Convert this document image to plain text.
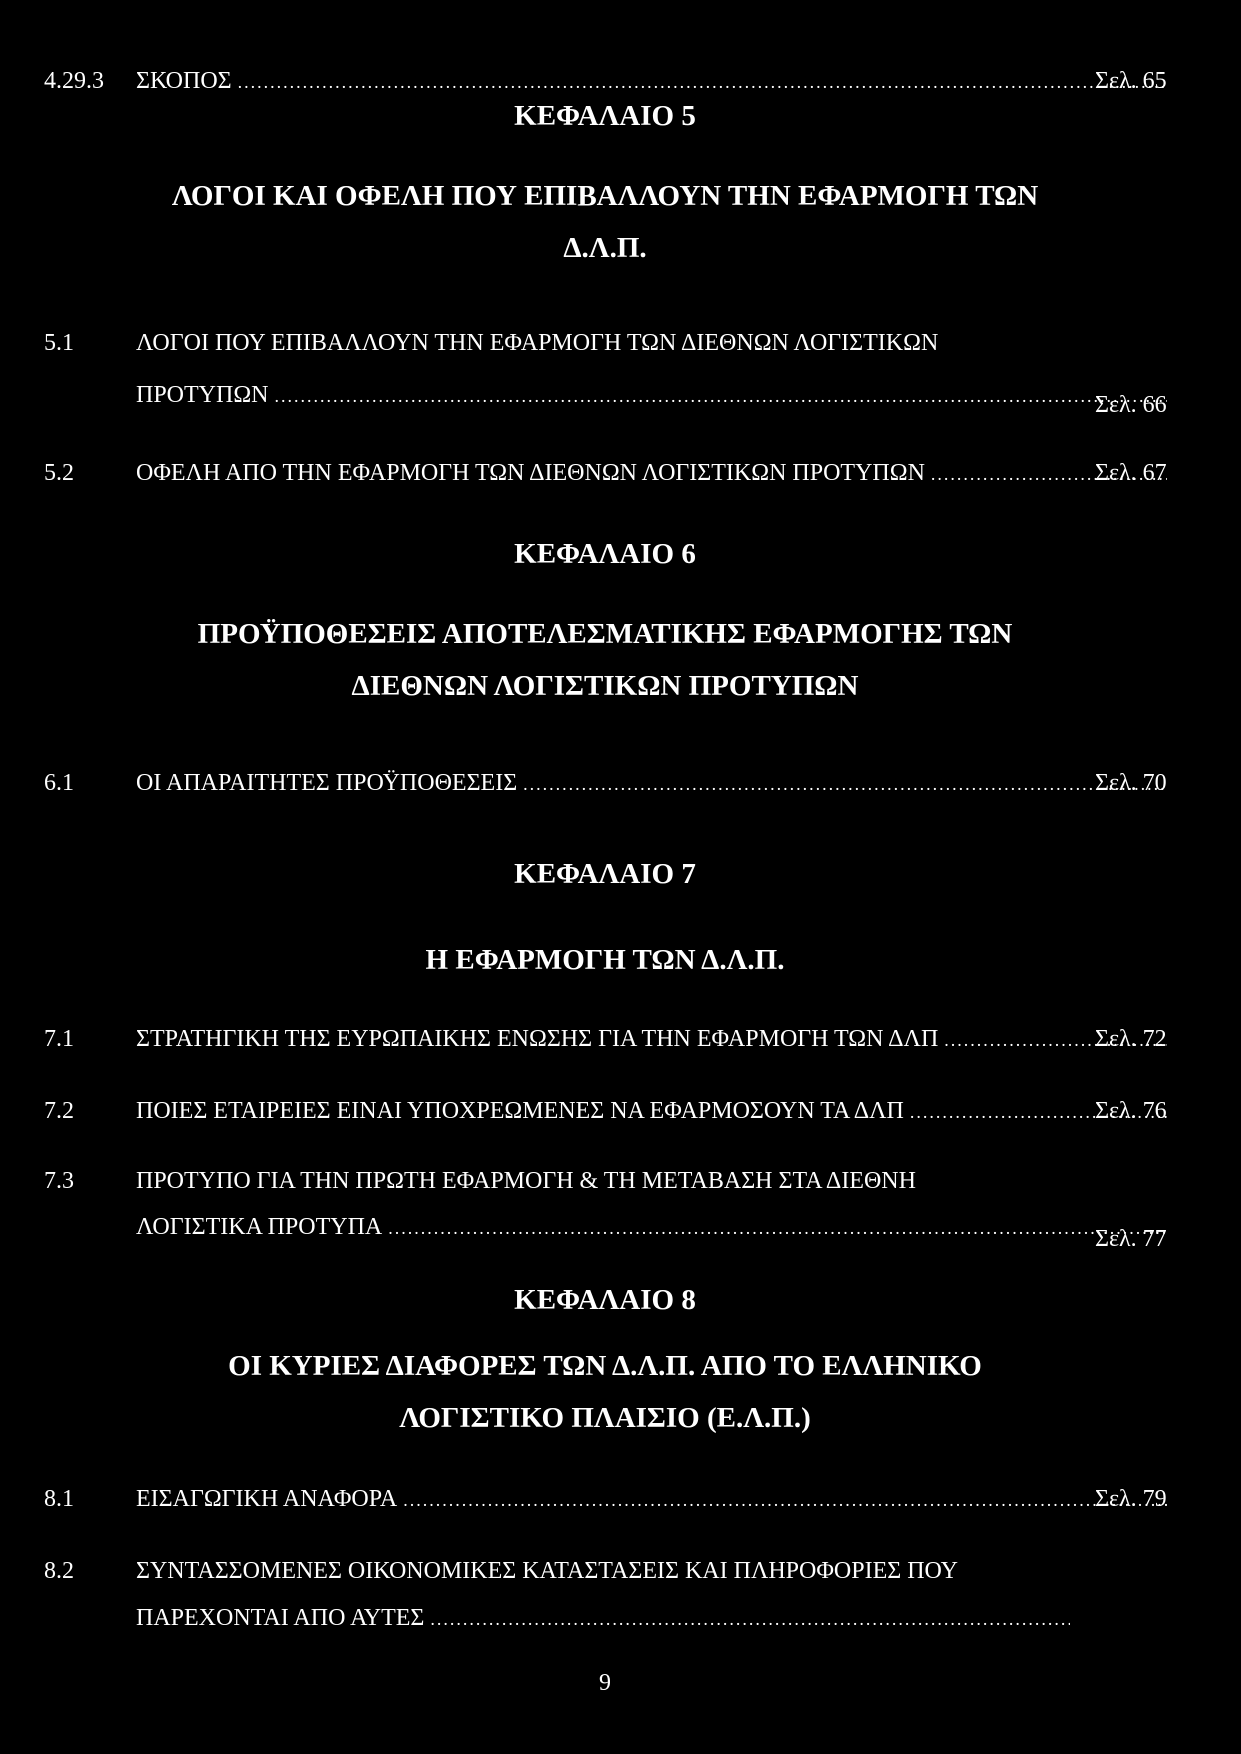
4.29.3 ΣΚΟΠΟΣ .....	Σελ. 65
ΚΕΦΑΛΑΙΟ 5
ΛΟΓΟΙ ΚΑΙ ΟΦΕΛΗ ΠΟΥ ΕΠΙΒΑΛΛΟΥΝ ΤΗΝ ΕΦΑΡΜΟΓΗ ΤΩΝ
Δ.Λ.Π.
5.1	ΛΟΓΟΙ ΠΟΥ ΕΠΙΒΑΛΛΟΥΝ ΤΗΝ ΕΦΑΡΜΟΓΗ ΤΩΝ ΔΙΕΘΝΩΝ ΛΟΓΙΣΤΙΚΩΝ
ΠΡΟΤΥΠΩΝ .....	Σελ. 66
5.2	ΟΦΕΛΗ ΑΠΟ ΤΗΝ ΕΦΑΡΜΟΓΗ ΤΩΝ ΔΙΕΘΝΩΝ ΛΟΓΙΣΤΙΚΩΝ ΠΡΟΤΥΠΩΝ .....	Σελ. 67
ΚΕΦΑΛΑΙΟ 6
ΠΡΟΫΠΟΘΕΣΕΙΣ ΑΠΟΤΕΛΕΣΜΑΤΙΚΗΣ ΕΦΑΡΜΟΓΗΣ ΤΩΝ
ΔΙΕΘΝΩΝ ΛΟΓΙΣΤΙΚΩΝ ΠΡΟΤΥΠΩΝ
6.1	ΟΙ ΑΠΑΡΑΙΤΗΤΕΣ ΠΡΟΫΠΟΘΕΣΕΙΣ .....	Σελ. 70
ΚΕΦΑΛΑΙΟ 7
Η ΕΦΑΡΜΟΓΗ ΤΩΝ Δ.Λ.Π.
7.1	ΣΤΡΑΤΗΓΙΚΗ ΤΗΣ ΕΥΡΩΠΑΙΚΗΣ ΕΝΩΣΗΣ ΓΙΑ ΤΗΝ ΕΦΑΡΜΟΓΗ ΤΩΝ ΔΛΠ .....	Σελ. 72
7.2	ΠΟΙΕΣ ΕΤΑΙΡΕΙΕΣ ΕΙΝΑΙ ΥΠΟΧΡΕΩΜΕΝΕΣ ΝΑ ΕΦΑΡΜΟΣΟΥΝ ΤΑ ΔΛΠ .....	Σελ. 76
7.3	ΠΡΟΤΥΠΟ ΓΙΑ ΤΗΝ ΠΡΩΤΗ ΕΦΑΡΜΟΓΗ & ΤΗ ΜΕΤΑΒΑΣΗ ΣΤΑ ΔΙΕΘΝΗ
ΛΟΓΙΣΤΙΚΑ ΠΡΟΤΥΠΑ .....	Σελ. 77
ΚΕΦΑΛΑΙΟ 8
ΟΙ ΚΥΡΙΕΣ ΔΙΑΦΟΡΕΣ ΤΩΝ Δ.Λ.Π. ΑΠΟ ΤΟ ΕΛΛΗΝΙΚΟ
ΛΟΓΙΣΤΙΚΟ ΠΛΑΙΣΙΟ (Ε.Λ.Π.)
8.1	ΕΙΣΑΓΩΓΙΚΗ ΑΝΑΦΟΡΑ .....	Σελ. 79
8.2	ΣΥΝΤΑΣΣΟΜΕΝΕΣ ΟΙΚΟΝΟΜΙΚΕΣ ΚΑΤΑΣΤΑΣΕΙΣ ΚΑΙ ΠΛΗΡΟΦΟΡΙΕΣ ΠΟΥ
ΠΑΡΕΧΟΝΤΑΙ ΑΠΟ ΑΥΤΕΣ
.....
9
